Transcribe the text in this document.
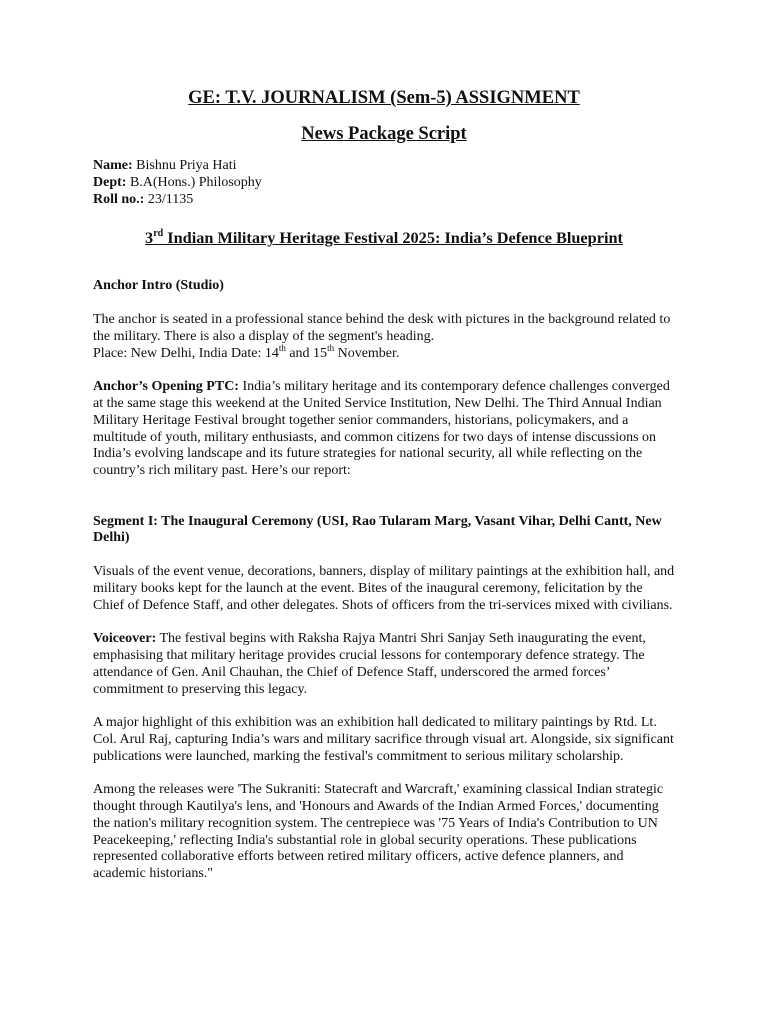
GE: T.V. JOURNALISM (Sem-5) ASSIGNMENT
News Package Script
Name: Bishnu Priya Hati
Dept: B.A(Hons.) Philosophy
Roll no.: 23/1135
3rd Indian Military Heritage Festival 2025: India’s Defence Blueprint

Anchor Intro (Studio)

The anchor is seated in a professional stance behind the desk with pictures in the background related to the military. There is also a display of the segment's heading.

Place: New Delhi, India Date: 14th and 15th November.

Anchor’s Opening PTC: India’s military heritage and its contemporary defence challenges converged at the same stage this weekend at the United Service Institution, New Delhi. The Third Annual Indian Military Heritage Festival brought together senior commanders, historians, policymakers, and a multitude of youth, military enthusiasts, and common citizens for two days of intense discussions on India’s evolving landscape and its future strategies for national security, all while reflecting on the country’s rich military past. Here’s our report:

Segment I: The Inaugural Ceremony (USI, Rao Tularam Marg, Vasant Vihar, Delhi Cantt, New Delhi)

Visuals of the event venue, decorations, banners, display of military paintings at the exhibition hall, and military books kept for the launch at the event. Bites of the inaugural ceremony, felicitation by the Chief of Defence Staff, and other delegates. Shots of officers from the tri-services mixed with civilians.

Voiceover: The festival begins with Raksha Rajya Mantri Shri Sanjay Seth inaugurating the event, emphasising that military heritage provides crucial lessons for contemporary defence strategy. The attendance of Gen. Anil Chauhan, the Chief of Defence Staff, underscored the armed forces’ commitment to preserving this legacy.

A major highlight of this exhibition was an exhibition hall dedicated to military paintings by Rtd. Lt. Col. Arul Raj, capturing India’s wars and military sacrifice through visual art. Alongside, six significant publications were launched, marking the festival's commitment to serious military scholarship.

Among the releases were 'The Sukraniti: Statecraft and Warcraft,' examining classical Indian strategic thought through Kautilya's lens, and 'Honours and Awards of the Indian Armed Forces,' documenting the nation's military recognition system. The centrepiece was '75 Years of India's Contribution to UN Peacekeeping,' reflecting India's substantial role in global security operations. These publications represented collaborative efforts between retired military officers, active defence planners, and academic historians."
